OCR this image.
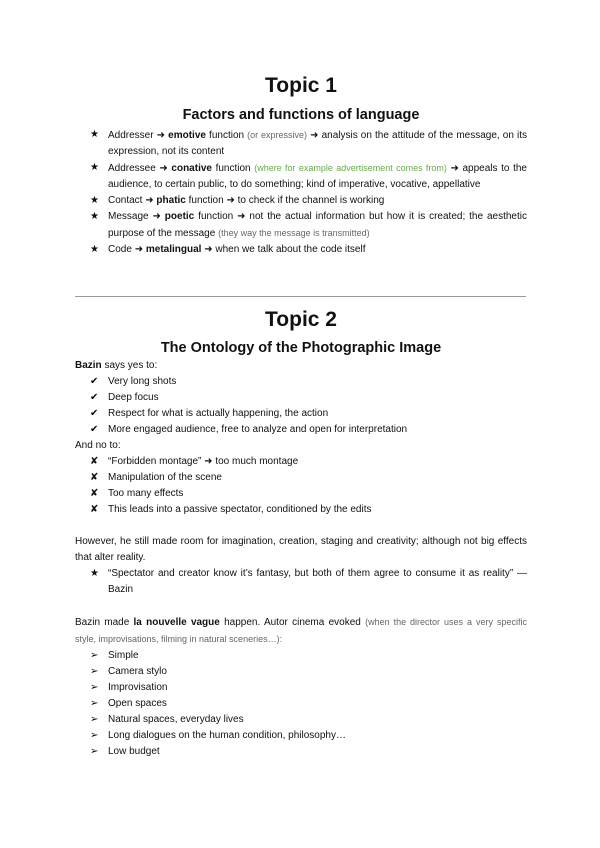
Topic 1
Factors and functions of language
★ Addresser ➜ emotive function (or expressive) ➜ analysis on the attitude of the message, on its expression, not its content
★ Addressee ➜ conative function (where for example advertisement comes from) ➜ appeals to the audience, to certain public, to do something; kind of imperative, vocative, appellative
★ Contact ➜ phatic function ➜ to check if the channel is working
★ Message ➜ poetic function ➜ not the actual information but how it is created; the aesthetic purpose of the message (they way the message is transmitted)
★ Code ➜ metalingual ➜ when we talk about the code itself
Topic 2
The Ontology of the Photographic Image

Bazin says yes to:

✔ Very long shots
✔ Deep focus
✔ Respect for what is actually happening, the action
✔ More engaged audience, free to analyze and open for interpretation

And no to:

✘ “Forbidden montage” ➜ too much montage
✘ Manipulation of the scene
✘ Too many effects
✘ This leads into a passive spectator, conditioned by the edits

However, he still made room for imagination, creation, staging and creativity; although not big effects that alter reality.

★ “Spectator and creator know it’s fantasy, but both of them agree to consume it as reality” — Bazin

Bazin made la nouvelle vague happen. Autor cinema evoked (when the director uses a very specific style, improvisations, filming in natural sceneries…):

➢ Simple
➢ Camera stylo
➢ Improvisation
➢ Open spaces
➢ Natural spaces, everyday lives
➢ Long dialogues on the human condition, philosophy…
➢ Low budget
